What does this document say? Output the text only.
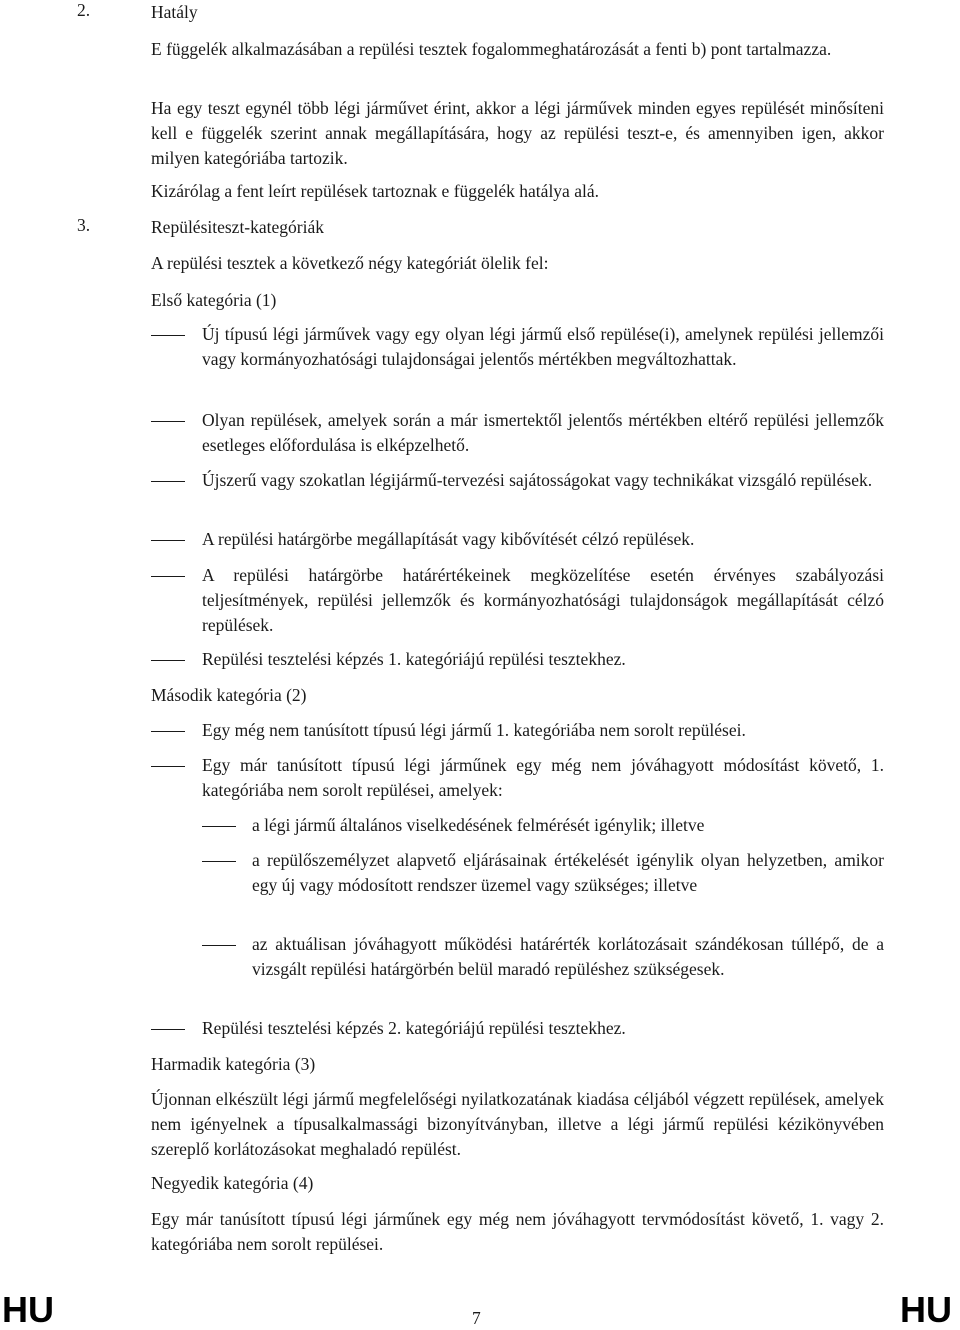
2.	Hatály

E függelék alkalmazásában a repülési tesztek fogalommeghatározását a fenti b) pont tartalmazza.

Ha egy teszt egynél több légi járművet érint, akkor a légi járművek minden egyes repülését minősíteni kell e függelék szerint annak megállapítására, hogy az repülési teszt-e, és amennyiben igen, akkor milyen kategóriába tartozik.

Kizárólag a fent leírt repülések tartoznak e függelék hatálya alá.

3.	Repülésiteszt-kategóriák

A repülési tesztek a következő négy kategóriát ölelik fel:

Első kategória (1)

Új típusú légi járművek vagy egy olyan légi jármű első repülése(i), amelynek repülési jellemzői vagy kormányozhatósági tulajdonságai jelentős mértékben megváltozhattak.

Olyan repülések, amelyek során a már ismertektől jelentős mértékben eltérő repülési jellemzők esetleges előfordulása is elképzelhető.

Újszerű vagy szokatlan légijármű-tervezési sajátosságokat vagy technikákat vizsgáló repülések.

A repülési határgörbe megállapítását vagy kibővítését célzó repülések.

A repülési határgörbe határértékeinek megközelítése esetén érvényes szabályozási teljesítmények, repülési jellemzők és kormányozhatósági tulajdonságok megállapítását célzó repülések.

Repülési tesztelési képzés 1. kategóriájú repülési tesztekhez.

Második kategória (2)

Egy még nem tanúsított típusú légi jármű 1. kategóriába nem sorolt repülései.

Egy már tanúsított típusú légi járműnek egy még nem jóváhagyott módosítást követő, 1. kategóriába nem sorolt repülései, amelyek:

a légi jármű általános viselkedésének felmérését igénylik; illetve

a repülőszemélyzet alapvető eljárásainak értékelését igénylik olyan helyzetben, amikor egy új vagy módosított rendszer üzemel vagy szükséges; illetve

az aktuálisan jóváhagyott működési határérték korlátozásait szándékosan túllépő, de a vizsgált repülési határgörbén belül maradó repüléshez szükségesek.

Repülési tesztelési képzés 2. kategóriájú repülési tesztekhez.

Harmadik kategória (3)

Újonnan elkészült légi jármű megfelelőségi nyilatkozatának kiadása céljából végzett repülések, amelyek nem igényelnek a típusalkalmassági bizonyítványban, illetve a légi jármű repülési kézikönyvében szereplő korlátozásokat meghaladó repülést.

Negyedik kategória (4)

Egy már tanúsított típusú légi járműnek egy még nem jóváhagyott tervmódosítást követő, 1. vagy 2. kategóriába nem sorolt repülései.

HU	7	HU
